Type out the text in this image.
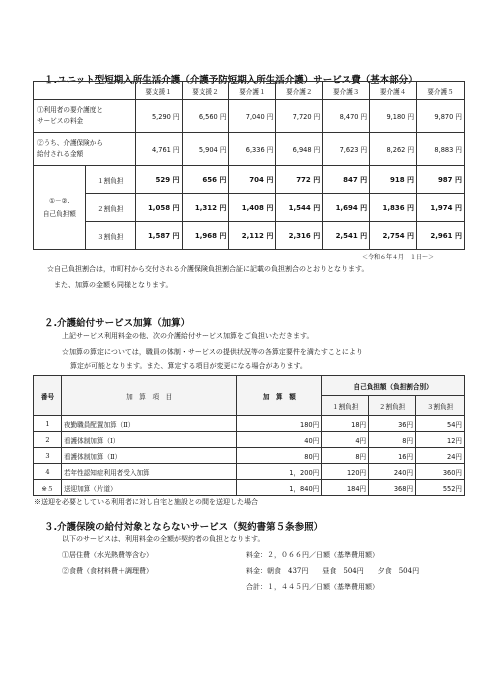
１.ユニット型短期入所生活介護（介護予防短期入所生活介護）サービス費（基本部分）
		要支援１	要支援２	要介護１	要介護２	要介護３	要介護４	要介護５

①利用者の要介護度と
サービスの料金		5,290 円	6,560 円	7,040 円	7,720 円	8,470 円	9,180 円	9,870 円

②うち、介護保険から
給付される金額		4,761 円	5,904 円	6,336 円	6,948 円	7,623 円	8,262 円	8,883 円

①－②.
自己負担額	１割負担	529 円	656 円	704 円	772 円	847 円	918 円	987 円
	２割負担	1,058 円	1,312 円	1,408 円	1,544 円	1,694 円	1,836 円	1,974 円
	３割負担	1,587 円	1,968 円	2,112 円	2,316 円	2,541 円	2,754 円	2,961 円
＜令和６年４月　１日～＞
☆自己負担割合は，市町村から交付される介護保険負担割合証に記載の負担割合のとおりとなります。
また、加算の金額も同様となります。
２.介護給付サービス加算（加算）
上記サービス利用料金の他、次の介護給付サービス加算をご負担いただきます。
☆加算の算定については，職員の体制・サービスの提供状況等の各算定要件を満たすことにより
算定が可能となります。また、算定する項目が変更になる場合があります。
番号	加　算　項　目	加　算　額	自己負担額（負担割合別）		
			１割負担	２割負担	３割負担
1	夜勤職員配置加算（Ⅱ）	180円	18円	36円	54円
2	看護体制加算（Ⅰ）	40円	4円	8円	12円
3	看護体制加算（Ⅱ）	80円	8円	16円	24円
4	若年性認知症利用者受入加算	1，200円	120円	240円	360円
※５	送迎加算（片道）	1，840円	184円	368円	552円
※送迎を必要としている利用者に対し自宅と施設との間を送迎した場合
３.介護保険の給付対象とならないサービス（契約書第５条参照）
以下のサービスは、利用料金の全額が契約者の負担となります。
①居住費（水光熱費等含む）	料金：２，０６６円／日額（基準費用額）
②食費（食材料費＋調理費）	料金：朝食　437円　　昼食　504円　　夕食　504円
合計：１，４４５円／日額（基準費用額）
